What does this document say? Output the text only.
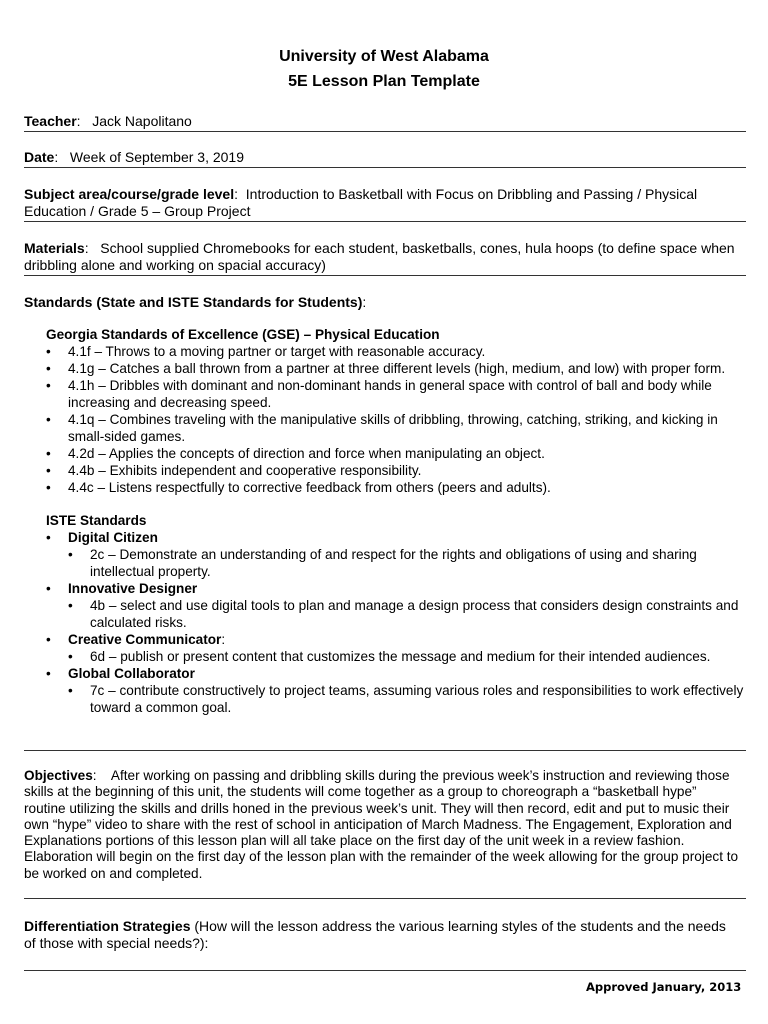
University of West Alabama
5E Lesson Plan Template
Teacher:   Jack Napolitano
Date:   Week of September 3, 2019
Subject area/course/grade level:  Introduction to Basketball with Focus on Dribbling and Passing / Physical Education / Grade 5 – Group Project
Materials:   School supplied Chromebooks for each student, basketballs, cones, hula hoops (to define space when dribbling alone and working on spacial accuracy)
Standards (State and ISTE Standards for Students):
Georgia Standards of Excellence (GSE) – Physical Education
• 4.1f – Throws to a moving partner or target with reasonable accuracy.
• 4.1g – Catches a ball thrown from a partner at three different levels (high, medium, and low) with proper form.
• 4.1h – Dribbles with dominant and non-dominant hands in general space with control of ball and body while increasing and decreasing speed.
• 4.1q – Combines traveling with the manipulative skills of dribbling, throwing, catching, striking, and kicking in small-sided games.
• 4.2d – Applies the concepts of direction and force when manipulating an object.
• 4.4b – Exhibits independent and cooperative responsibility.
• 4.4c – Listens respectfully to corrective feedback from others (peers and adults).
ISTE Standards
• Digital Citizen
• 2c – Demonstrate an understanding of and respect for the rights and obligations of using and sharing intellectual property.
• Innovative Designer
• 4b – select and use digital tools to plan and manage a design process that considers design constraints and calculated risks.
• Creative Communicator:
• 6d – publish or present content that customizes the message and medium for their intended audiences.
• Global Collaborator
• 7c – contribute constructively to project teams, assuming various roles and responsibilities to work effectively toward a common goal.
Objectives:    After working on passing and dribbling skills during the previous week’s instruction and reviewing those skills at the beginning of this unit, the students will come together as a group to choreograph a “basketball hype” routine utilizing the skills and drills honed in the previous week’s unit. They will then record, edit and put to music their own “hype” video to share with the rest of school in anticipation of March Madness. The Engagement, Exploration and Explanations portions of this lesson plan will all take place on the first day of the unit week in a review fashion. Elaboration will begin on the first day of the lesson plan with the remainder of the week allowing for the group project to be worked on and completed.
Differentiation Strategies (How will the lesson address the various learning styles of the students and the needs of those with special needs?):
Approved January, 2013
